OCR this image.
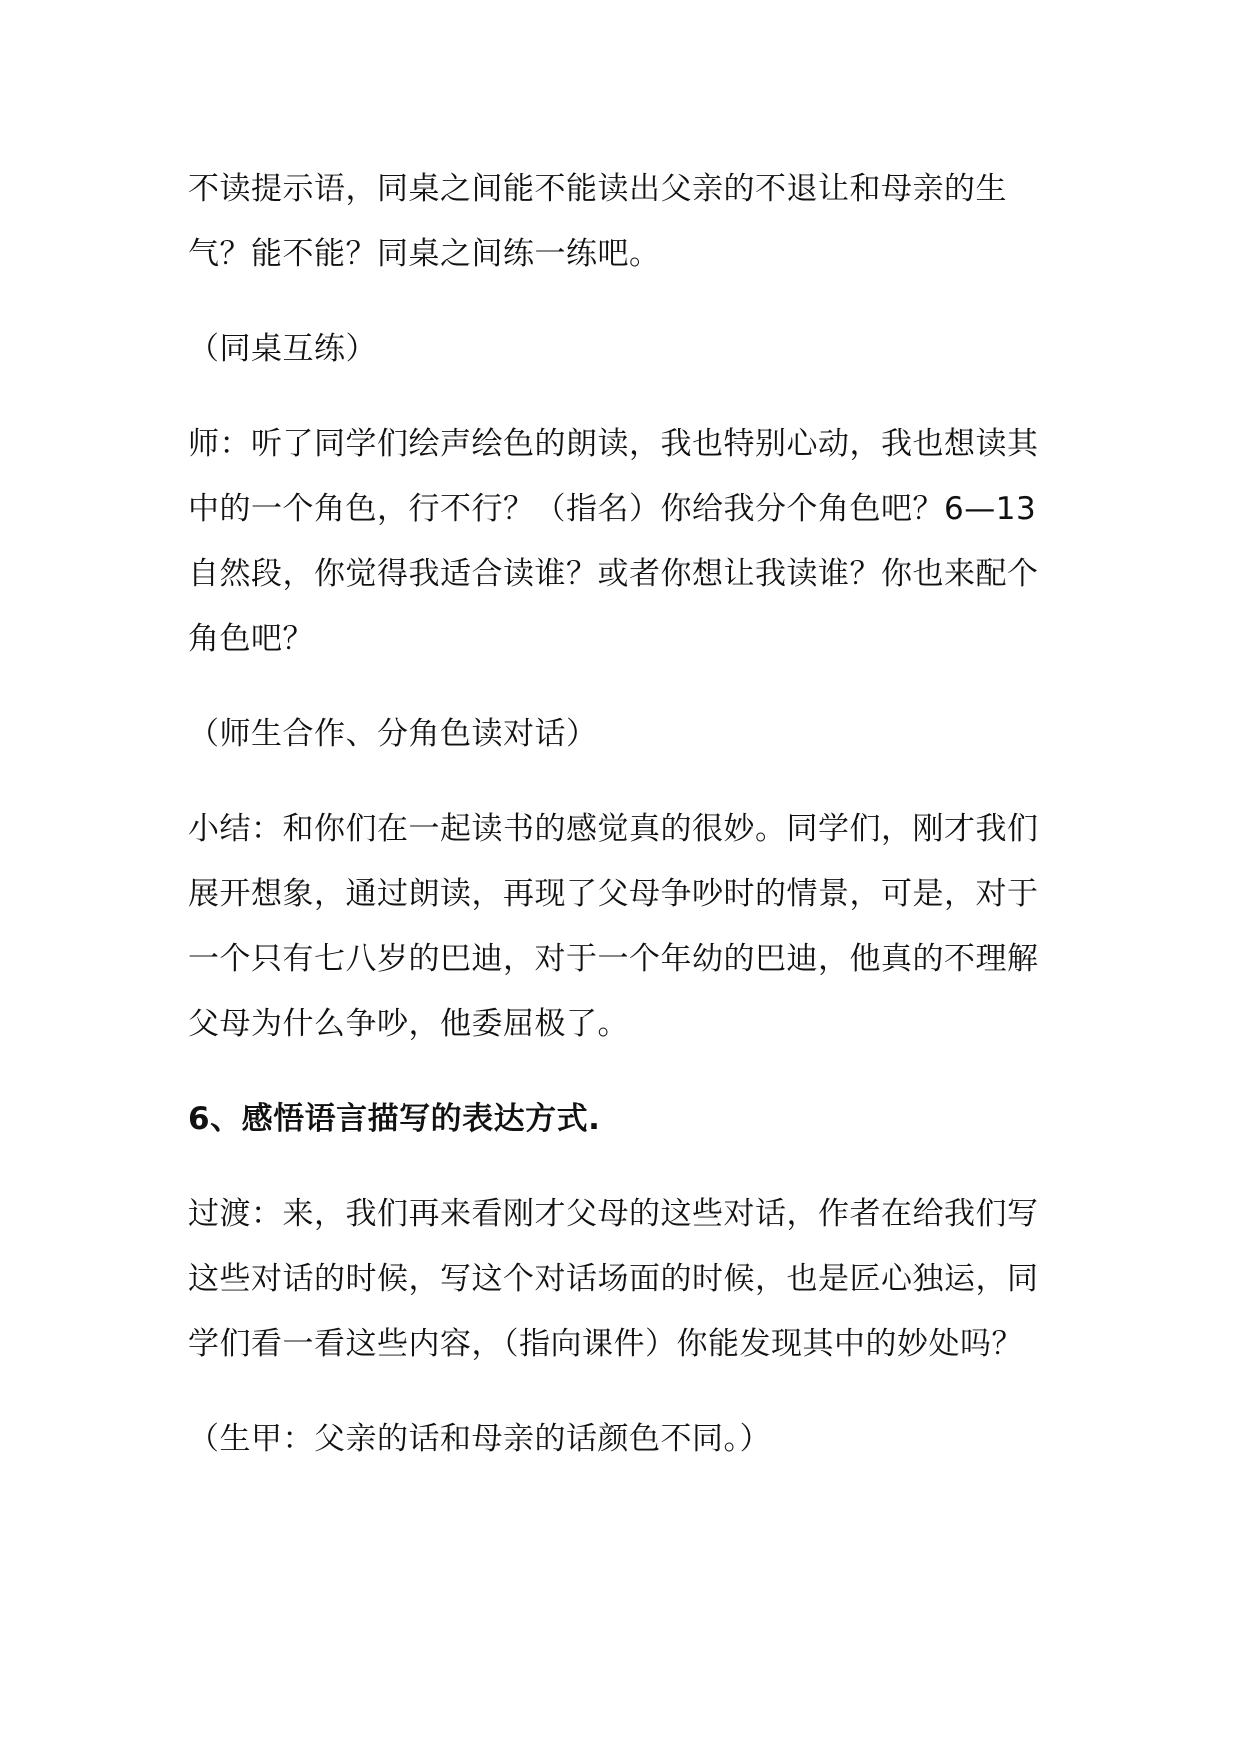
不读提示语，同桌之间能不能读出父亲的不退让和母亲的生气？能不能？同桌之间练一练吧。

（同桌互练）

师：听了同学们绘声绘色的朗读，我也特别心动，我也想读其中的一个角色，行不行？（指名）你给我分个角色吧？6—13 自然段，你觉得我适合读谁？或者你想让我读谁？你也来配个角色吧？

（师生合作、分角色读对话）

小结：和你们在一起读书的感觉真的很妙。同学们，刚才我们展开想象，通过朗读，再现了父母争吵时的情景，可是，对于一个只有七八岁的巴迪，对于一个年幼的巴迪，他真的不理解父母为什么争吵，他委屈极了。

6、感悟语言描写的表达方式.

过渡：来，我们再来看刚才父母的这些对话，作者在给我们写这些对话的时候，写这个对话场面的时候，也是匠心独运，同学们看一看这些内容，（指向课件）你能发现其中的妙处吗？

（生甲：父亲的话和母亲的话颜色不同。）
